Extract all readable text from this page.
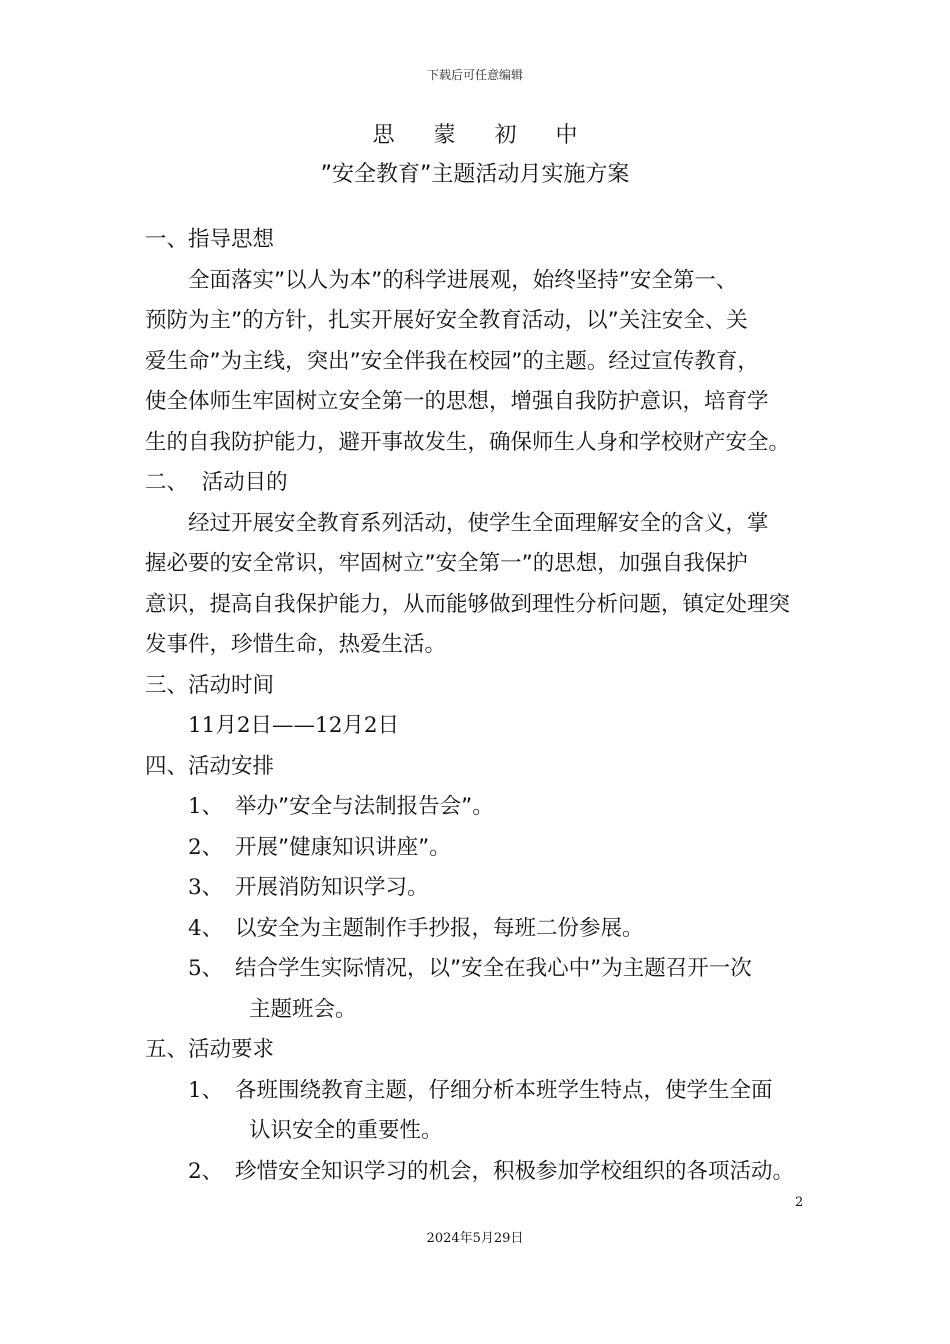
下载后可任意编辑
思 蒙 初 中
”安全教育”主题活动月实施方案

一、指导思想

全面落实”以人为本”的科学进展观，始终坚持”安全第一、

预防为主”的方针，扎实开展好安全教育活动，以”关注安全、关

爱生命”为主线，突出”安全伴我在校园”的主题。经过宣传教育，

使全体师生牢固树立安全第一的思想，增强自我防护意识，培育学

生的自我防护能力，避开事故发生，确保师生人身和学校财产安全。

二、  活动目的

经过开展安全教育系列活动，使学生全面理解安全的含义，掌

握必要的安全常识，牢固树立”安全第一”的思想，加强自我保护

意识，提高自我保护能力，从而能够做到理性分析问题，镇定处理突

发事件，珍惜生命，热爱生活。

三、活动时间

11月2日——12月2日

四、活动安排

1、 举办”安全与法制报告会”。
2、 开展”健康知识讲座”。
3、 开展消防知识学习。
4、 以安全为主题制作手抄报，每班二份参展。
5、 结合学生实际情况，以”安全在我心中”为主题召开一次

主题班会。

五、活动要求

1、 各班围绕教育主题，仔细分析本班学生特点，使学生全面

认识安全的重要性。

2、 珍惜安全知识学习的机会，积极参加学校组织的各项活动。
2
2024年5月29日
